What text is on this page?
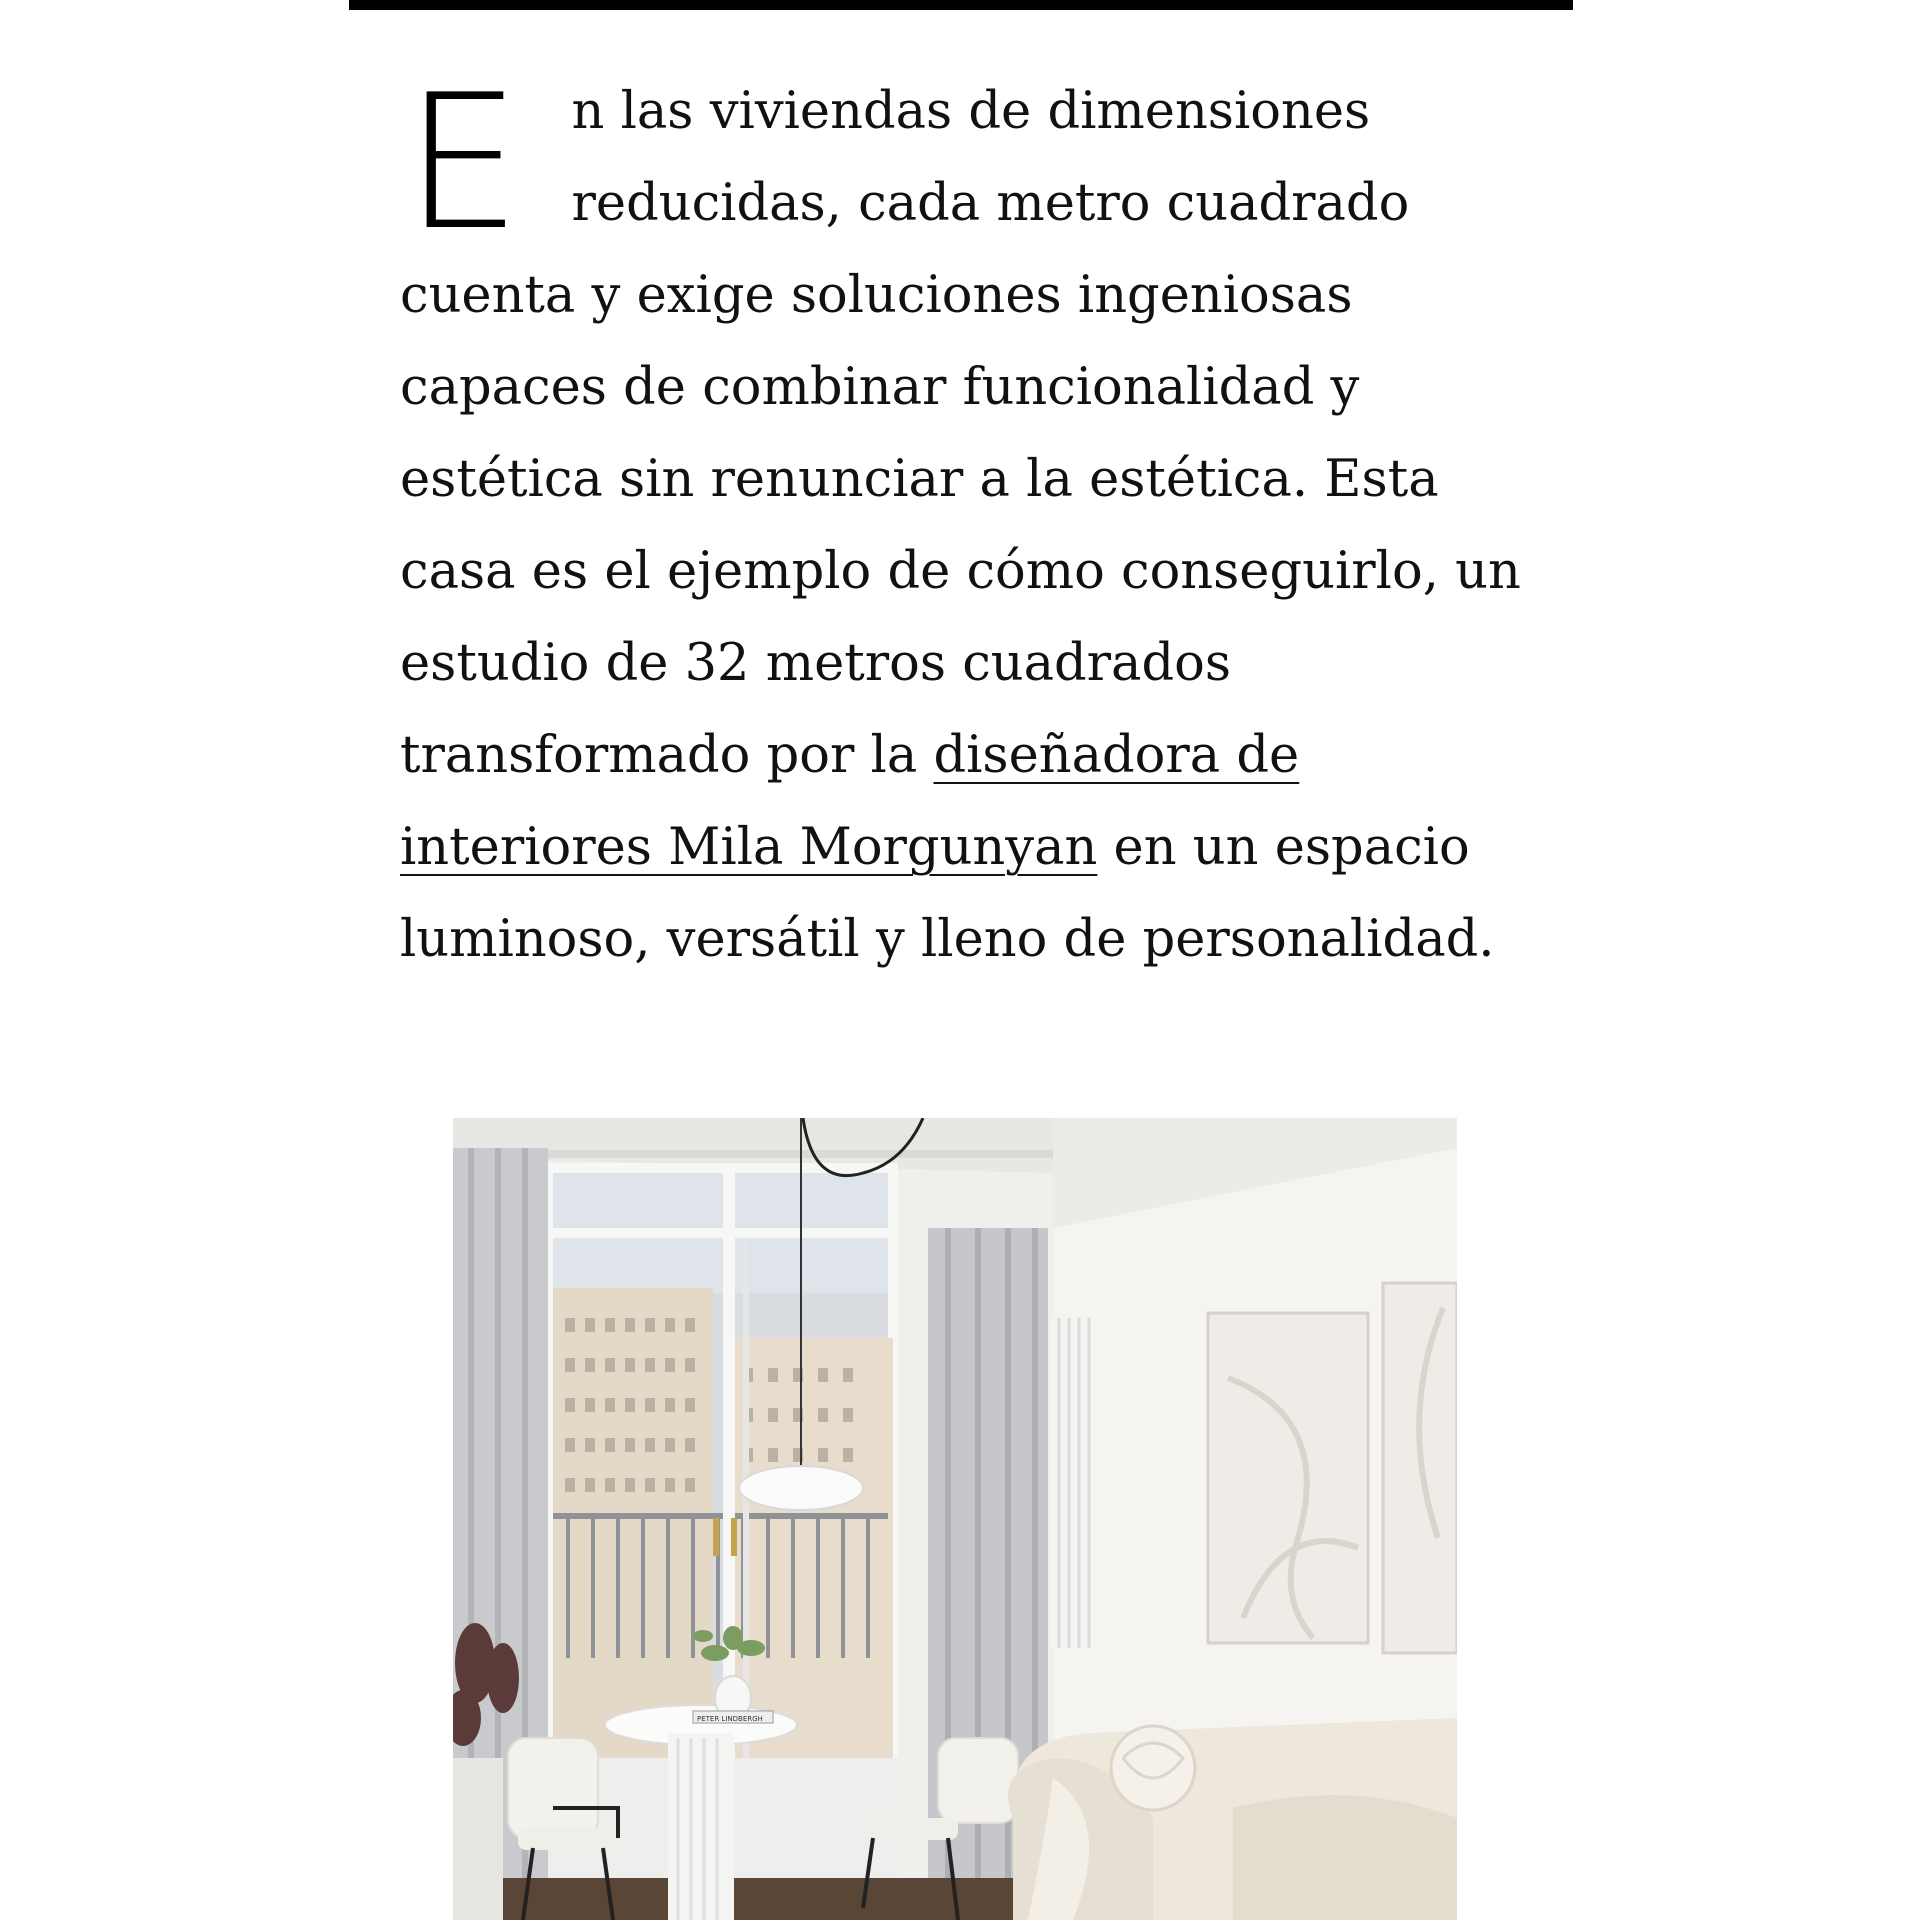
En las viviendas de dimensiones reducidas, cada metro cuadrado cuenta y exige soluciones ingeniosas capaces de combinar funcionalidad y estética sin renunciar a la estética. Esta casa es el ejemplo de cómo conseguirlo, un estudio de 32 metros cuadrados transformado por la diseñadora de interiores Mila Morgunyan en un espacio luminoso, versátil y lleno de personalidad.

PETER LINDBERGH
